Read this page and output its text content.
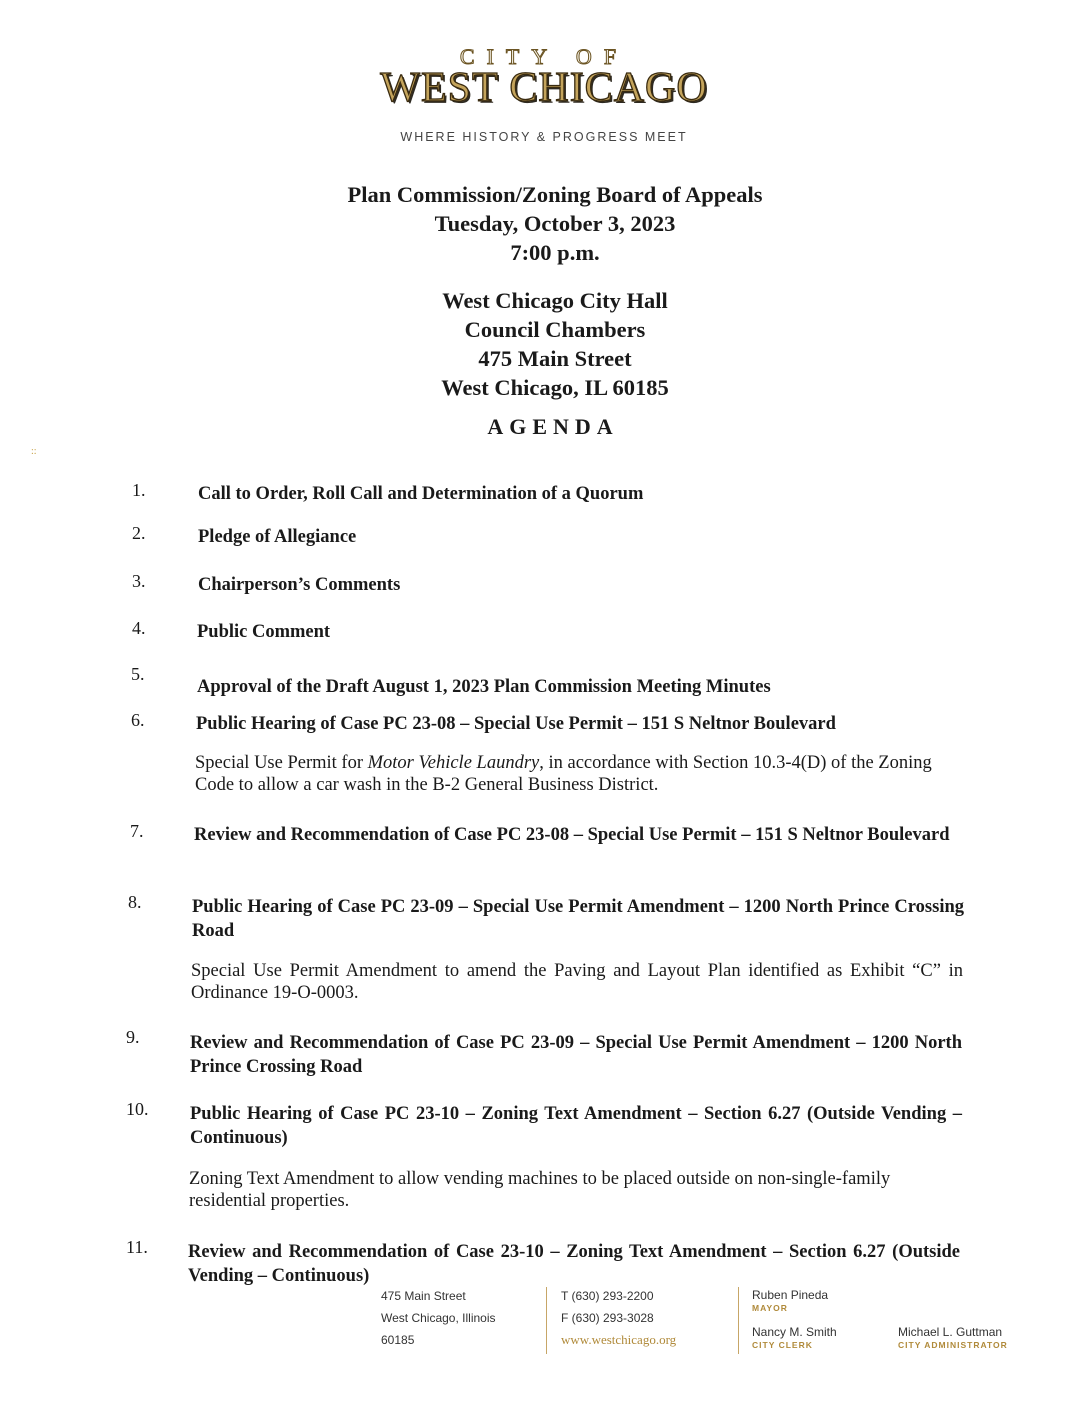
CITY OF
WEST CHICAGO
WHERE HISTORY & PROGRESS MEET
Plan Commission/Zoning Board of Appeals
Tuesday, October 3, 2023
7:00 p.m.
West Chicago City Hall
Council Chambers
475 Main Street
West Chicago, IL 60185
AGENDA
::
1.	Call to Order, Roll Call and Determination of a Quorum
2.	Pledge of Allegiance
3.	Chairperson’s Comments
4.	Public Comment
5.
Approval of the Draft August 1, 2023 Plan Commission Meeting Minutes
6.	Public Hearing of Case PC 23-08 – Special Use Permit – 151 S Neltnor Boulevard
Special Use Permit for Motor Vehicle Laundry, in accordance with Section 10.3-4(D) of the Zoning Code to allow a car wash in the B-2 General Business District.
7.	Review and Recommendation of Case PC 23-08 – Special Use Permit – 151 S Neltnor Boulevard
8.	Public Hearing of Case PC 23-09 – Special Use Permit Amendment – 1200 North Prince Crossing Road
Special Use Permit Amendment to amend the Paving and Layout Plan identified as Exhibit “C” in Ordinance 19-O-0003.
9.	Review and Recommendation of Case PC 23-09 – Special Use Permit Amendment – 1200 North Prince Crossing Road
10. Public Hearing of Case PC 23-10 – Zoning Text Amendment – Section 6.27 (Outside Vending – Continuous)
Zoning Text Amendment to allow vending machines to be placed outside on non-single-family residential properties.
11. Review and Recommendation of Case 23-10 – Zoning Text Amendment – Section 6.27 (Outside Vending – Continuous)
475 Main Street
West Chicago, Illinois
60185
T (630) 293-2200
F (630) 293-3028
www.westchicago.org
Ruben Pineda
MAYOR
Nancy M. Smith
CITY CLERK
Michael L. Guttman
CITY ADMINISTRATOR
